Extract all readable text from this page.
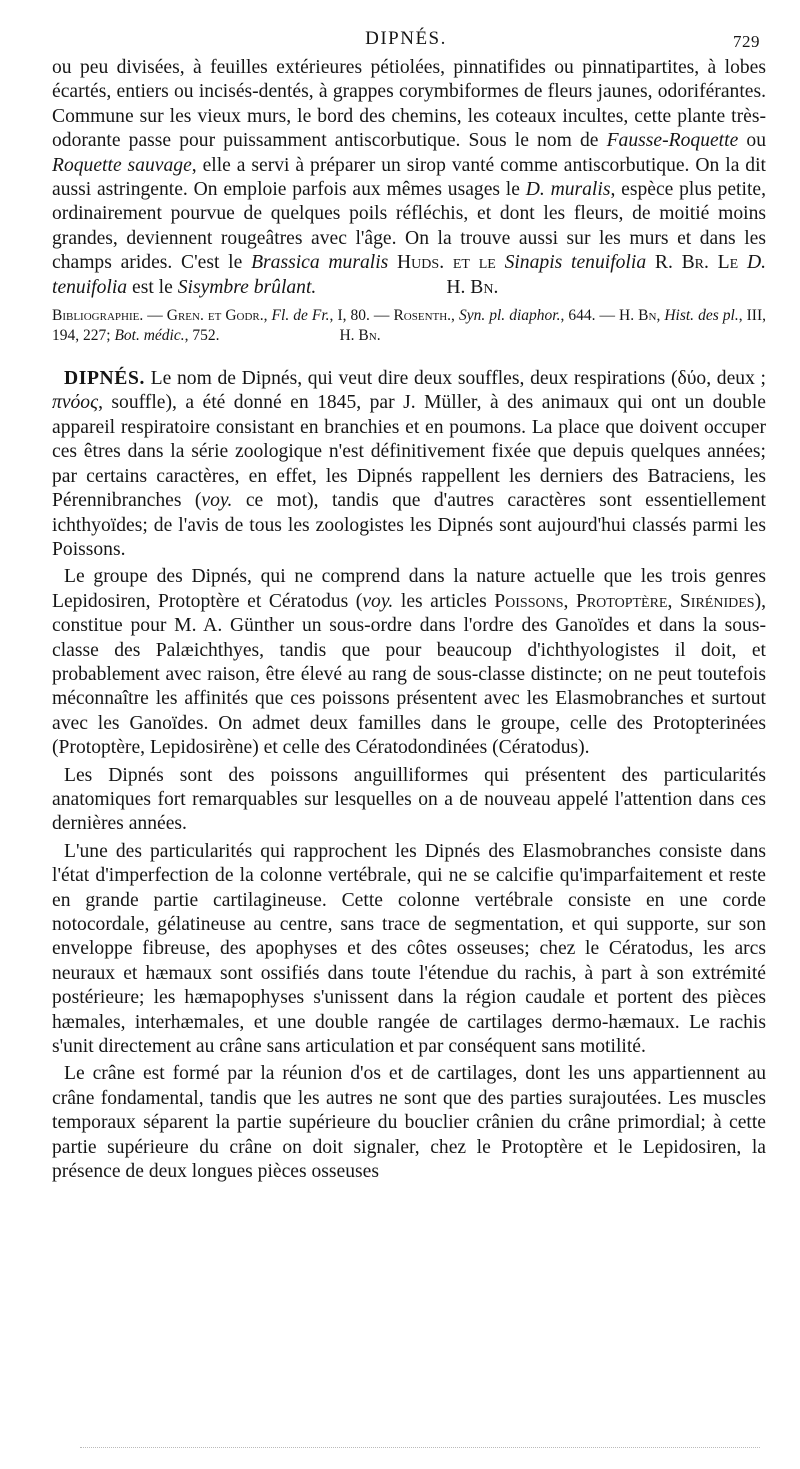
DIPNÉS.	729

ou peu divisées, à feuilles extérieures pétiolées, pinnatifides ou pinnatipartites, à lobes écartés, entiers ou incisés-dentés, à grappes corymbiformes de fleurs jaunes, odoriférantes. Commune sur les vieux murs, le bord des chemins, les coteaux incultes, cette plante très-odorante passe pour puissamment antiscorbutique. Sous le nom de Fausse-Roquette ou Roquette sauvage, elle a servi à préparer un sirop vanté comme antiscorbutique. On la dit aussi astringente. On emploie parfois aux mêmes usages le D. muralis, espèce plus petite, ordinairement pourvue de quelques poils réfléchis, et dont les fleurs, de moitié moins grandes, deviennent rougeâtres avec l'âge. On la trouve aussi sur les murs et dans les champs arides. C'est le Brassica muralis Huds. et le Sinapis tenuifolia R. Br. Le D. tenuifolia est le Sisymbre brûlant.	H. Bn.

Bibliographie. — Gren. et Godr., Fl. de Fr., I, 80. — Rosenth., Syn. pl. diaphor., 644. — H. Bn, Hist. des pl., III, 194, 227; Bot. médic., 752.	H. Bn.

DIPNÉS. Le nom de Dipnés, qui veut dire deux souffles, deux respirations (δύο, deux ; πνόος, souffle), a été donné en 1845, par J. Müller, à des animaux qui ont un double appareil respiratoire consistant en branchies et en poumons. La place que doivent occuper ces êtres dans la série zoologique n'est définitivement fixée que depuis quelques années; par certains caractères, en effet, les Dipnés rappellent les derniers des Batraciens, les Pérennibranches (voy. ce mot), tandis que d'autres caractères sont essentiellement ichthyoïdes; de l'avis de tous les zoologistes les Dipnés sont aujourd'hui classés parmi les Poissons.

Le groupe des Dipnés, qui ne comprend dans la nature actuelle que les trois genres Lepidosiren, Protoptère et Cératodus (voy. les articles Poissons, Protoptère, Sirénides), constitue pour M. A. Günther un sous-ordre dans l'ordre des Ganoïdes et dans la sous-classe des Palæichthyes, tandis que pour beaucoup d'ichthyologistes il doit, et probablement avec raison, être élevé au rang de sous-classe distincte; on ne peut toutefois méconnaître les affinités que ces poissons présentent avec les Elasmobranches et surtout avec les Ganoïdes. On admet deux familles dans le groupe, celle des Protopterinées (Protoptère, Lepidosirène) et celle des Cératodondinées (Cératodus).

Les Dipnés sont des poissons anguilliformes qui présentent des particularités anatomiques fort remarquables sur lesquelles on a de nouveau appelé l'attention dans ces dernières années.

L'une des particularités qui rapprochent les Dipnés des Elasmobranches consiste dans l'état d'imperfection de la colonne vertébrale, qui ne se calcifie qu'imparfaitement et reste en grande partie cartilagineuse. Cette colonne vertébrale consiste en une corde notocordale, gélatineuse au centre, sans trace de segmentation, et qui supporte, sur son enveloppe fibreuse, des apophyses et des côtes osseuses; chez le Cératodus, les arcs neuraux et hæmaux sont ossifiés dans toute l'étendue du rachis, à part à son extrémité postérieure; les hæmapophyses s'unissent dans la région caudale et portent des pièces hæmales, interhæmales, et une double rangée de cartilages dermo-hæmaux. Le rachis s'unit directement au crâne sans articulation et par conséquent sans motilité.

Le crâne est formé par la réunion d'os et de cartilages, dont les uns appartiennent au crâne fondamental, tandis que les autres ne sont que des parties surajoutées. Les muscles temporaux séparent la partie supérieure du bouclier crânien du crâne primordial; à cette partie supérieure du crâne on doit signaler, chez le Protoptère et le Lepidosiren, la présence de deux longues pièces osseuses
